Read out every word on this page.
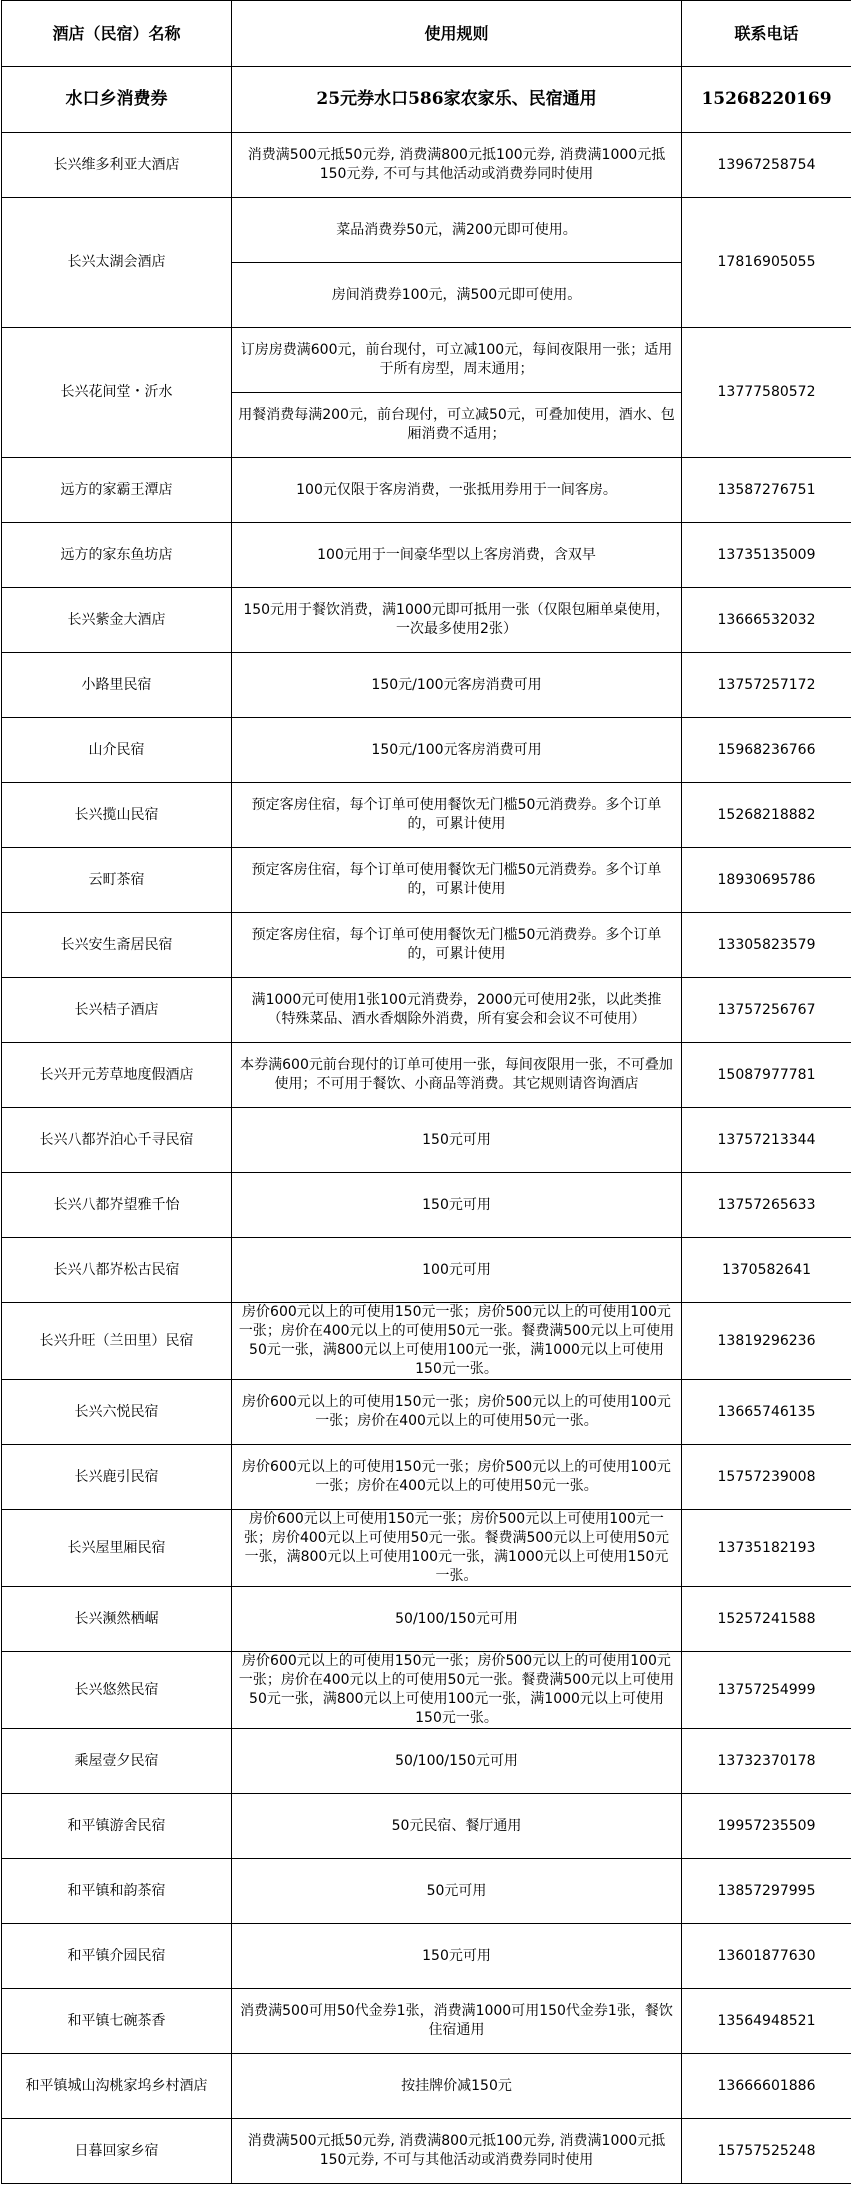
酒店（民宿）名称	使用规则	联系电话
水口乡消费券	25元券水口586家农家乐、民宿通用	15268220169
长兴维多利亚大酒店	消费满500元抵50元券, 消费满800元抵100元券, 消费满1000元抵150元券, 不可与其他活动或消费券同时使用	13967258754
长兴太湖会酒店	菜品消费券50元，满200元即可使用。	17816905055
	房间消费券100元，满500元即可使用。	
长兴花间堂・沂水	订房房费满600元，前台现付，可立减100元，每间夜限用一张；适用于所有房型，周末通用；	13777580572
	用餐消费每满200元，前台现付，可立减50元，可叠加使用，酒水、包厢消费不适用；	
远方的家霸王潭店	100元仅限于客房消费，一张抵用券用于一间客房。	13587276751
远方的家东鱼坊店	100元用于一间豪华型以上客房消费，含双早	13735135009
长兴紫金大酒店	150元用于餐饮消费，满1000元即可抵用一张（仅限包厢单桌使用，一次最多使用2张）	13666532032
小路里民宿	150元/100元客房消费可用	13757257172
山介民宿	150元/100元客房消费可用	15968236766
长兴揽山民宿	预定客房住宿，每个订单可使用餐饮无门槛50元消费券。多个订单的，可累计使用	15268218882
云町茶宿	预定客房住宿，每个订单可使用餐饮无门槛50元消费券。多个订单的，可累计使用	18930695786
长兴安生斋居民宿	预定客房住宿，每个订单可使用餐饮无门槛50元消费券。多个订单的，可累计使用	13305823579
长兴桔子酒店	满1000元可使用1张100元消费券，2000元可使用2张，以此类推（特殊菜品、酒水香烟除外消费，所有宴会和会议不可使用）	13757256767
长兴开元芳草地度假酒店	本券满600元前台现付的订单可使用一张，每间夜限用一张，不可叠加使用；不可用于餐饮、小商品等消费。其它规则请咨询酒店	15087977781
长兴八都岕泊心千寻民宿	150元可用	13757213344
长兴八都岕望雅千怡	150元可用	13757265633
长兴八都岕松古民宿	100元可用	1370582641
长兴升旺（兰田里）民宿	房价600元以上的可使用150元一张；房价500元以上的可使用100元一张；房价在400元以上的可使用50元一张。餐费满500元以上可使用50元一张，满800元以上可使用100元一张，满1000元以上可使用150元一张。	13819296236
长兴六悦民宿	房价600元以上的可使用150元一张；房价500元以上的可使用100元一张；房价在400元以上的可使用50元一张。	13665746135
长兴鹿引民宿	房价600元以上的可使用150元一张；房价500元以上的可使用100元一张；房价在400元以上的可使用50元一张。	15757239008
长兴屋里厢民宿	房价600元以上可使用150元一张；房价500元以上可使用100元一张；房价400元以上可使用50元一张。餐费满500元以上可使用50元一张，满800元以上可使用100元一张，满1000元以上可使用150元一张。	13735182193
长兴濒然栖崌	50/100/150元可用	15257241588
长兴悠然民宿	房价600元以上的可使用150元一张；房价500元以上的可使用100元一张；房价在400元以上的可使用50元一张。餐费满500元以上可使用50元一张，满800元以上可使用100元一张，满1000元以上可使用150元一张。	13757254999
乘屋壹夕民宿	50/100/150元可用	13732370178
和平镇游舍民宿	50元民宿、餐厅通用	19957235509
和平镇和韵茶宿	50元可用	13857297995
和平镇介园民宿	150元可用	13601877630
和平镇七碗茶香	消费满500可用50代金券1张，消费满1000可用150代金券1张，餐饮住宿通用	13564948521
和平镇城山沟桃家坞乡村酒店	按挂牌价减150元	13666601886
日暮回家乡宿	消费满500元抵50元券, 消费满800元抵100元券, 消费满1000元抵150元券, 不可与其他活动或消费券同时使用	15757525248
